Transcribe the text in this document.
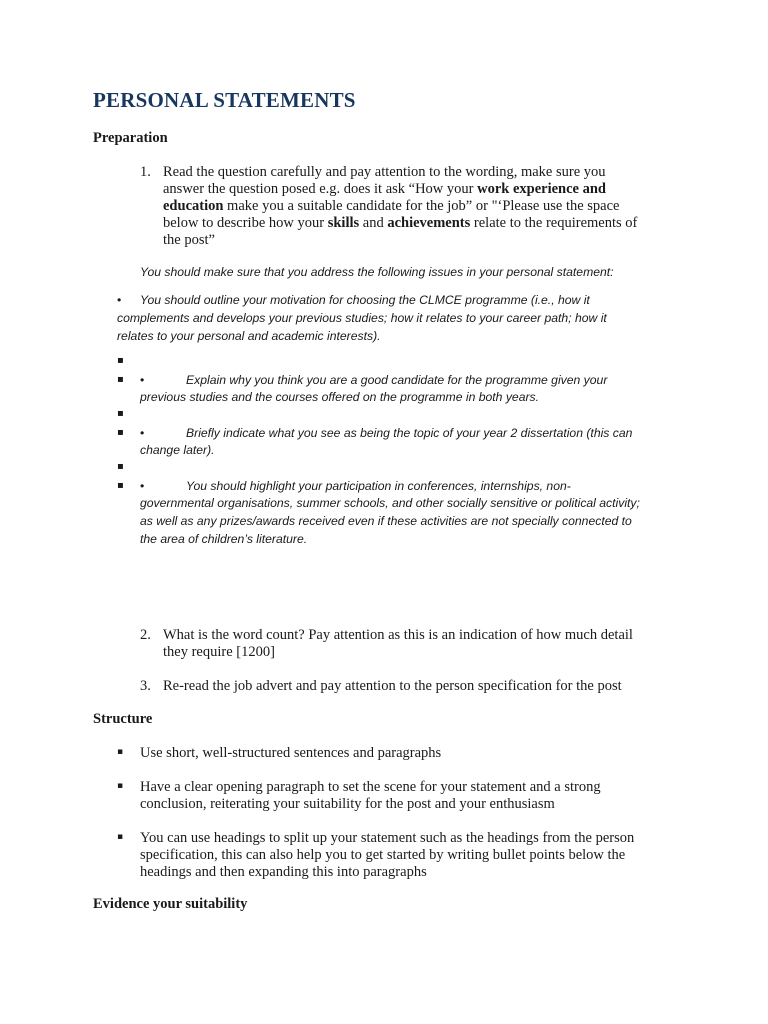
PERSONAL STATEMENTS
Preparation
1. Read the question carefully and pay attention to the wording, make sure you
answer the question posed e.g. does it ask “How your work experience and
education make you a suitable candidate for the job” or "‘Please use the space
below to describe how your skills and achievements relate to the requirements of
the post”
You should make sure that you address the following issues in your personal statement:
• You should outline your motivation for choosing the CLMCE programme (i.e., how it
complements and develops your previous studies; how it relates to your career path; how it
relates to your personal and academic interests).
▪
▪ •	Explain why you think you are a good candidate for the programme given your
previous studies and the courses offered on the programme in both years.
▪
▪ •	Briefly indicate what you see as being the topic of your year 2 dissertation (this can
change later).
▪
▪ •	You should highlight your participation in conferences, internships, non-
governmental organisations, summer schools, and other socially sensitive or political activity;
as well as any prizes/awards received even if these activities are not specially connected to
the area of children’s literature.
2. What is the word count? Pay attention as this is an indication of how much detail
they require [1200]
3. Re-read the job advert and pay attention to the person specification for the post
Structure
▪ Use short, well-structured sentences and paragraphs
▪ Have a clear opening paragraph to set the scene for your statement and a strong
conclusion, reiterating your suitability for the post and your enthusiasm
▪ You can use headings to split up your statement such as the headings from the person
specification, this can also help you to get started by writing bullet points below the
headings and then expanding this into paragraphs
Evidence your suitability
